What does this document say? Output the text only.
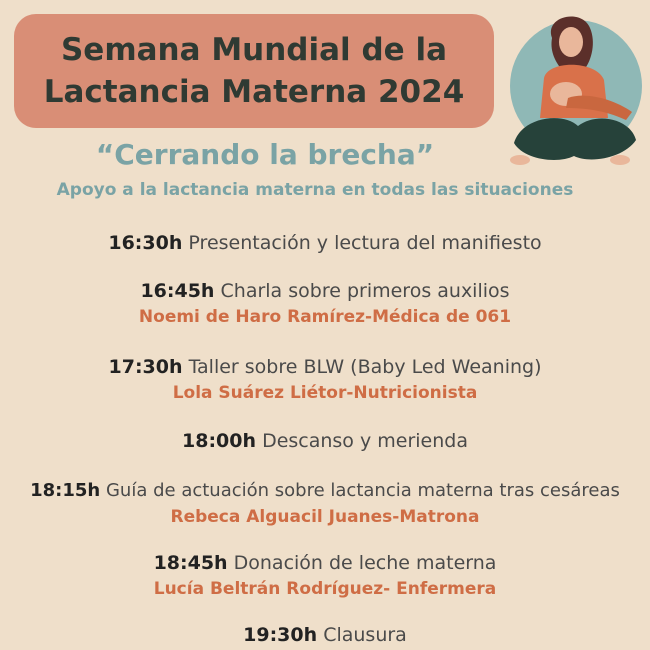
Semana Mundial de la
Lactancia Materna 2024
“Cerrando la brecha”
Apoyo a la lactancia materna en todas las situaciones
16:30h Presentación y lectura del manifiesto
16:45h Charla sobre primeros auxilios
Noemi de Haro Ramírez-Médica de 061
17:30h Taller sobre BLW (Baby Led Weaning)
Lola Suárez Liétor-Nutricionista
18:00h Descanso y merienda
18:15h Guía de actuación sobre lactancia materna tras cesáreas
Rebeca Alguacil Juanes-Matrona
18:45h Donación de leche materna
Lucía Beltrán Rodríguez- Enfermera
19:30h Clausura
